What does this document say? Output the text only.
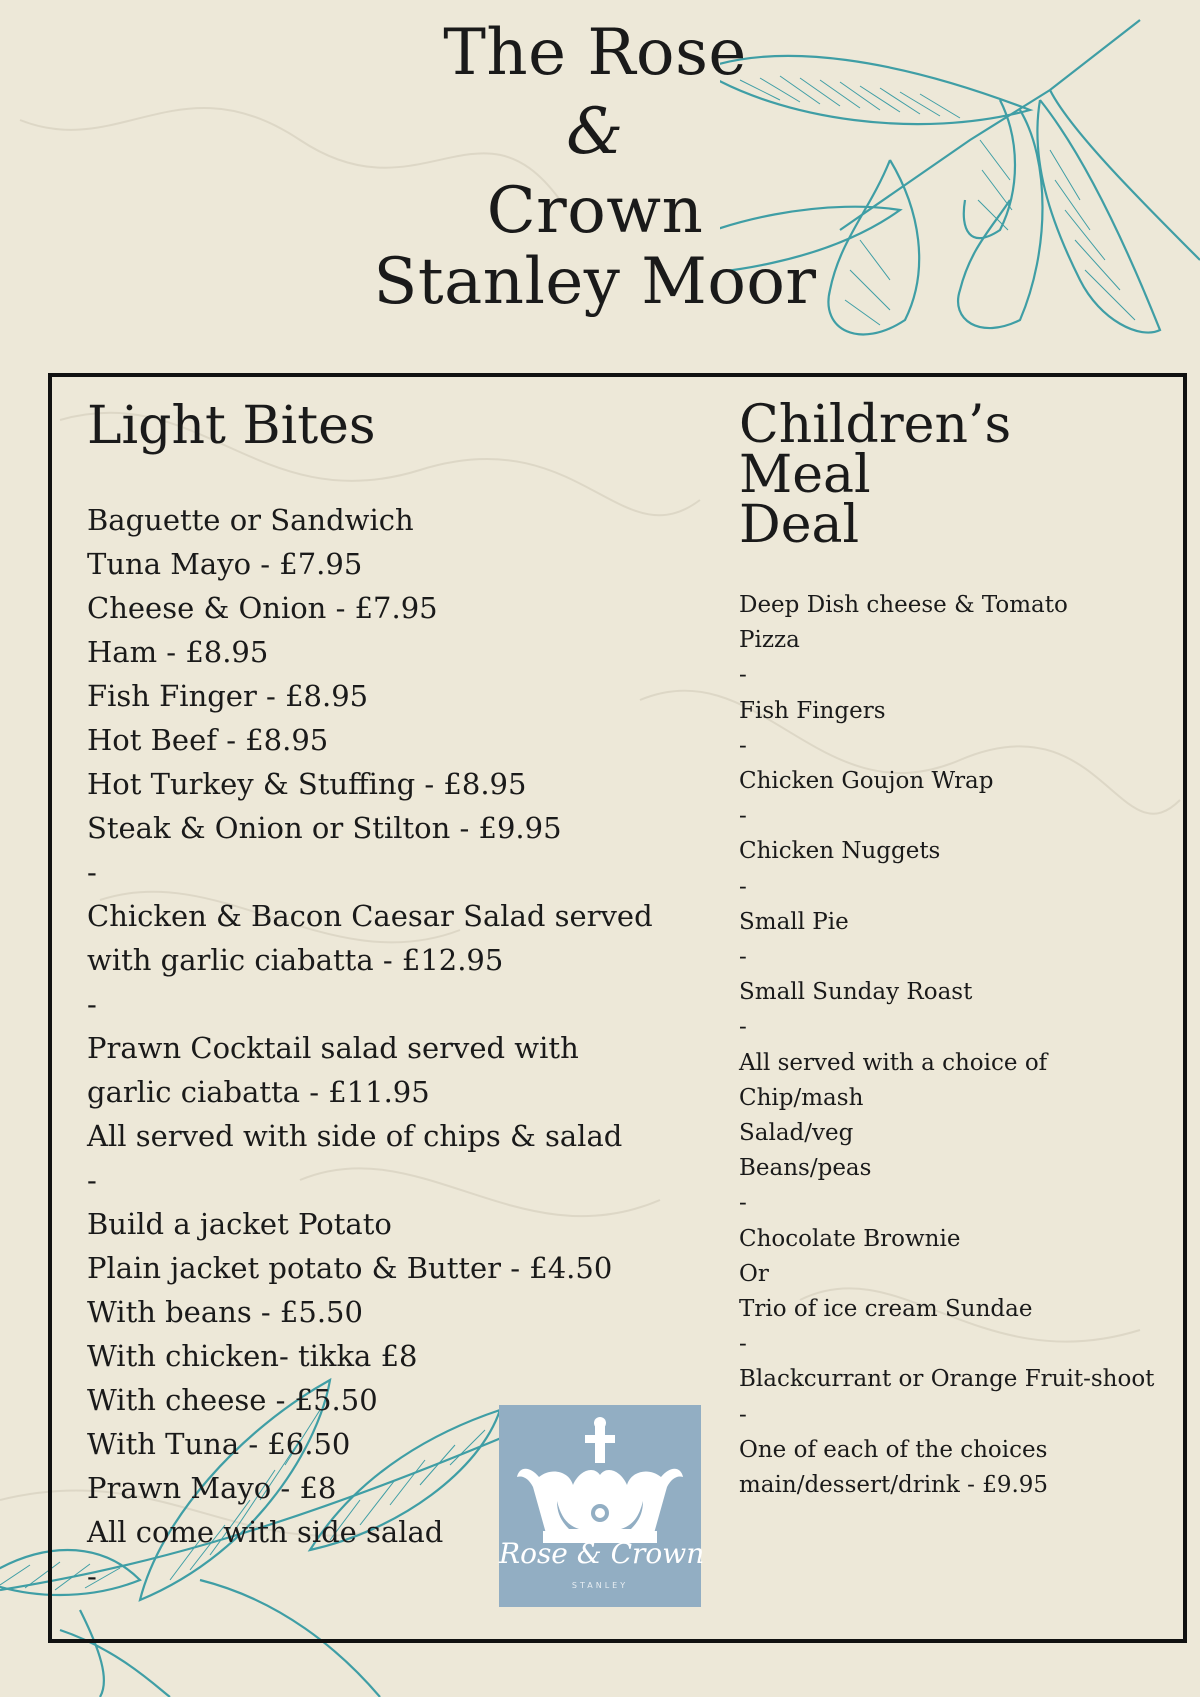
The Rose
&
Crown
Stanley Moor
Light Bites
Baguette or Sandwich
Tuna Mayo - £7.95
Cheese & Onion - £7.95
Ham - £8.95
Fish Finger - £8.95
Hot Beef - £8.95
Hot Turkey & Stuffing - £8.95
Steak & Onion or Stilton - £9.95
-
Chicken & Bacon Caesar Salad served
with garlic ciabatta - £12.95
-
Prawn Cocktail salad served with
garlic ciabatta - £11.95
All served with side of chips & salad
-
Build a jacket Potato
Plain jacket potato & Butter - £4.50
With beans - £5.50
With chicken- tikka £8
With cheese - £5.50
With Tuna - £6.50
Prawn Mayo - £8
All come with side salad
-
Children’s Meal
Deal
Deep Dish cheese & Tomato
Pizza
-
Fish Fingers
-
Chicken Goujon Wrap
-
Chicken Nuggets
-
Small Pie
-
Small Sunday Roast
-
All served with a choice of
Chip/mash
Salad/veg
Beans/peas
-
Chocolate Brownie
Or
Trio of ice cream Sundae
-
Blackcurrant or Orange Fruit-shoot
-
One of each of the choices
main/dessert/drink - £9.95
Rose & Crown
STANLEY
